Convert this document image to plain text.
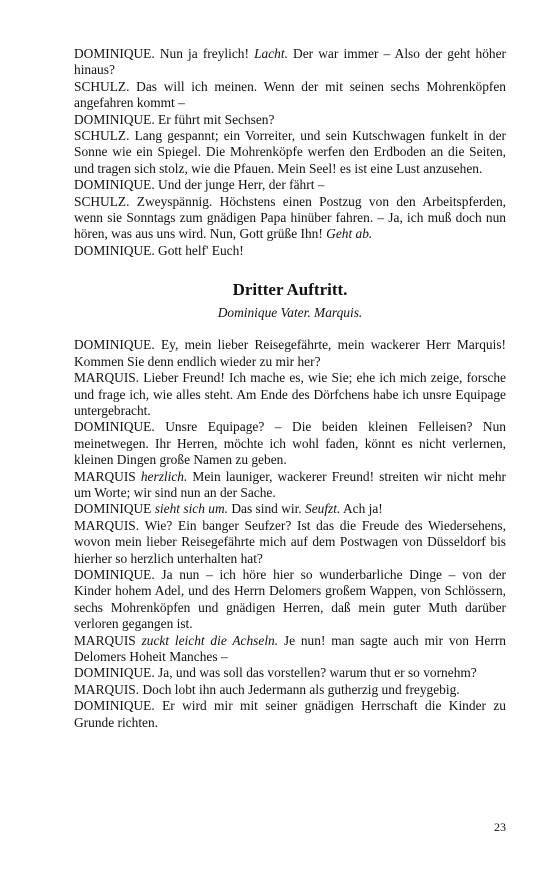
DOMINIQUE. Nun ja freylich! Lacht. Der war immer – Also der geht höher hinaus?

SCHULZ. Das will ich meinen. Wenn der mit seinen sechs Mohrenköpfen angefahren kommt –

DOMINIQUE. Er führt mit Sechsen?

SCHULZ. Lang gespannt; ein Vorreiter, und sein Kutschwagen funkelt in der Sonne wie ein Spiegel. Die Mohrenköpfe werfen den Erdboden an die Seiten, und tragen sich stolz, wie die Pfauen. Mein Seel! es ist eine Lust anzusehen.

DOMINIQUE. Und der junge Herr, der fährt –

SCHULZ. Zweyspännig. Höchstens einen Postzug von den Arbeitspferden, wenn sie Sonntags zum gnädigen Papa hinüber fahren. – Ja, ich muß doch nun hören, was aus uns wird. Nun, Gott grüße Ihn! Geht ab.

DOMINIQUE. Gott helf' Euch!

Dritter Auftritt.
Dominique Vater. Marquis.

DOMINIQUE. Ey, mein lieber Reisegefährte, mein wackerer Herr Marquis! Kommen Sie denn endlich wieder zu mir her?

MARQUIS. Lieber Freund! Ich mache es, wie Sie; ehe ich mich zeige, forsche und frage ich, wie alles steht. Am Ende des Dörfchens habe ich unsre Equipage untergebracht.

DOMINIQUE. Unsre Equipage? – Die beiden kleinen Felleisen? Nun meinetwegen. Ihr Herren, möchte ich wohl faden, könnt es nicht verlernen, kleinen Dingen große Namen zu geben.

MARQUIS herzlich. Mein launiger, wackerer Freund! streiten wir nicht mehr um Worte; wir sind nun an der Sache.

DOMINIQUE sieht sich um. Das sind wir. Seufzt. Ach ja!

MARQUIS. Wie? Ein banger Seufzer? Ist das die Freude des Wiedersehens, wovon mein lieber Reisegefährte mich auf dem Postwagen von Düsseldorf bis hierher so herzlich unterhalten hat?

DOMINIQUE. Ja nun – ich höre hier so wunderbarliche Dinge – von der Kinder hohem Adel, und des Herrn Delomers großem Wappen, von Schlössern, sechs Mohrenköpfen und gnädigen Herren, daß mein guter Muth darüber verloren gegangen ist.

MARQUIS zuckt leicht die Achseln. Je nun! man sagte auch mir von Herrn Delomers Hoheit Manches –

DOMINIQUE. Ja, und was soll das vorstellen? warum thut er so vornehm?

MARQUIS. Doch lobt ihn auch Jedermann als gutherzig und freygebig.

DOMINIQUE. Er wird mir mit seiner gnädigen Herrschaft die Kinder zu Grunde richten.

23
